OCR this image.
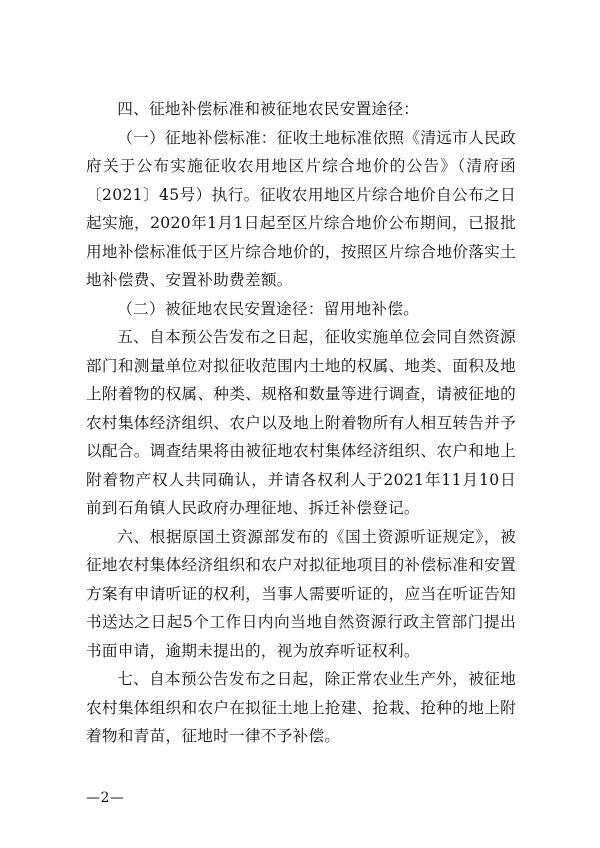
四、征地补偿标准和被征地农民安置途径：

（一）征地补偿标准：征收土地标准依照《清远市人民政府关于公布实施征收农用地区片综合地价的公告》（清府函〔2021〕45号）执行。征收农用地区片综合地价自公布之日起实施，2020年1月1日起至区片综合地价公布期间，已报批用地补偿标准低于区片综合地价的，按照区片综合地价落实土地补偿费、安置补助费差额。

（二）被征地农民安置途径：留用地补偿。

五、自本预公告发布之日起，征收实施单位会同自然资源部门和测量单位对拟征收范围内土地的权属、地类、面积及地上附着物的权属、种类、规格和数量等进行调查，请被征地的农村集体经济组织、农户以及地上附着物所有人相互转告并予以配合。调查结果将由被征地农村集体经济组织、农户和地上附着物产权人共同确认，并请各权利人于2021年11月10日前到石角镇人民政府办理征地、拆迁补偿登记。

六、根据原国土资源部发布的《国土资源听证规定》，被征地农村集体经济组织和农户对拟征地项目的补偿标准和安置方案有申请听证的权利，当事人需要听证的，应当在听证告知书送达之日起5个工作日内向当地自然资源行政主管部门提出书面申请，逾期未提出的，视为放弃听证权利。

七、自本预公告发布之日起，除正常农业生产外，被征地农村集体组织和农户在拟征土地上抢建、抢栽、抢种的地上附着物和青苗，征地时一律不予补偿。

—2—
